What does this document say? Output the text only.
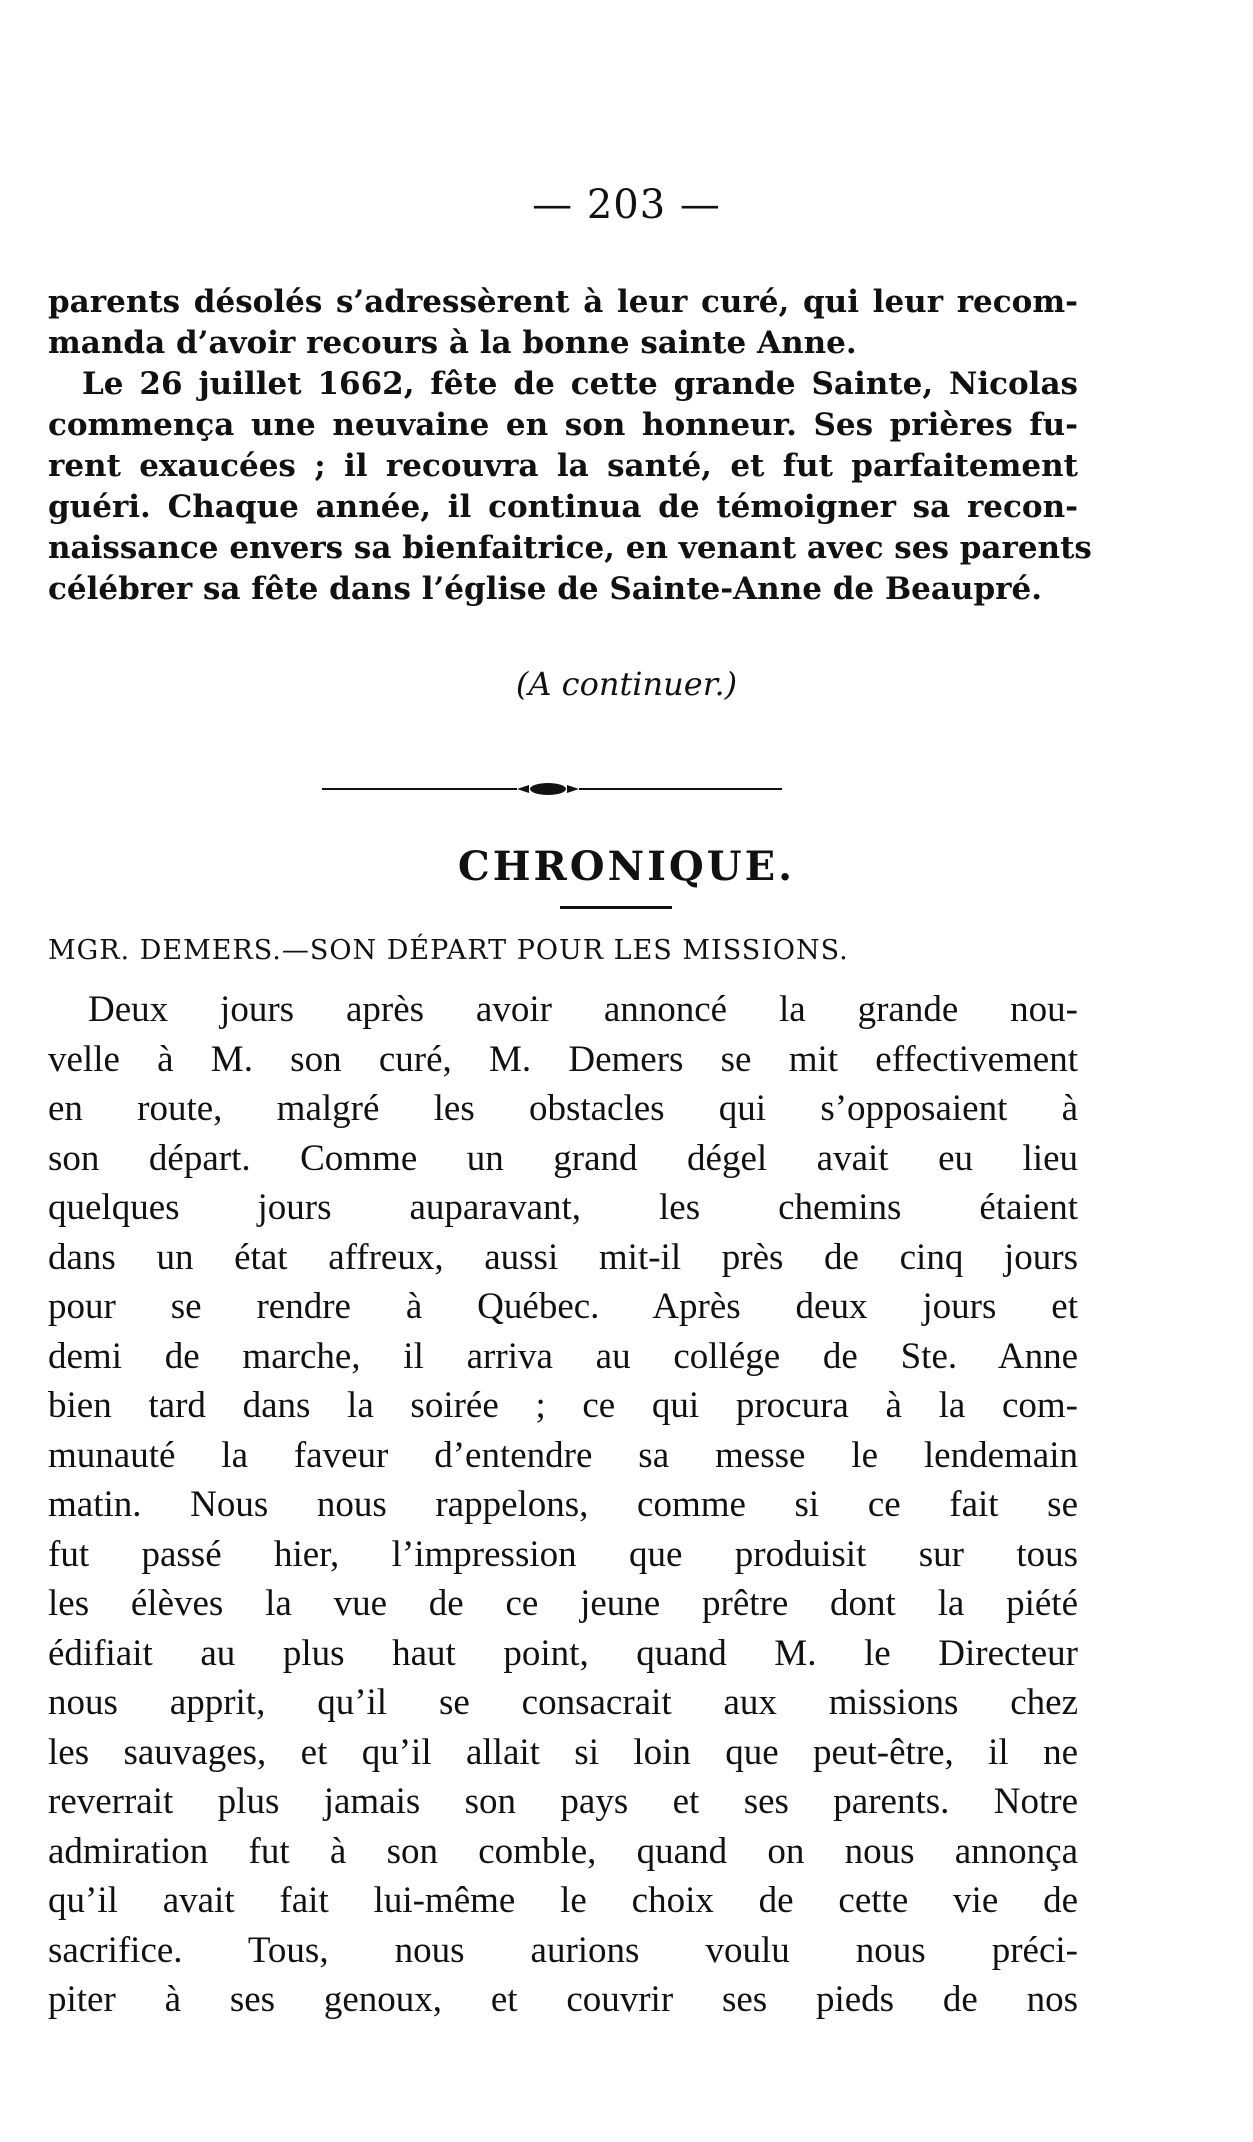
— 203 —
parents désolés s’adressèrent à leur curé, qui leur recom-
manda d’avoir recours à la bonne sainte Anne.
Le 26 juillet 1662, fête de cette grande Sainte, Nicolas
commença une neuvaine en son honneur. Ses prières fu-
rent exaucées ; il recouvra la santé, et fut parfaitement
guéri. Chaque année, il continua de témoigner sa recon-
naissance envers sa bienfaitrice, en venant avec ses parents
célébrer sa fête dans l’église de Sainte-Anne de Beaupré.
(A continuer.)
CHRONIQUE.
MGR. DEMERS.—SON DÉPART POUR LES MISSIONS.
Deux jours après avoir annoncé la grande nou-
velle à M. son curé, M. Demers se mit effectivement
en route, malgré les obstacles qui s’opposaient à
son départ. Comme un grand dégel avait eu lieu
quelques jours auparavant, les chemins étaient
dans un état affreux, aussi mit-il près de cinq jours
pour se rendre à Québec. Après deux jours et
demi de marche, il arriva au collége de Ste. Anne
bien tard dans la soirée ; ce qui procura à la com-
munauté la faveur d’entendre sa messe le lendemain
matin. Nous nous rappelons, comme si ce fait se
fut passé hier, l’impression que produisit sur tous
les élèves la vue de ce jeune prêtre dont la piété
édifiait au plus haut point, quand M. le Directeur
nous apprit, qu’il se consacrait aux missions chez
les sauvages, et qu’il allait si loin que peut-être, il ne
reverrait plus jamais son pays et ses parents. Notre
admiration fut à son comble, quand on nous annonça
qu’il avait fait lui-même le choix de cette vie de
sacrifice. Tous, nous aurions voulu nous préci-
piter à ses genoux, et couvrir ses pieds de nos
